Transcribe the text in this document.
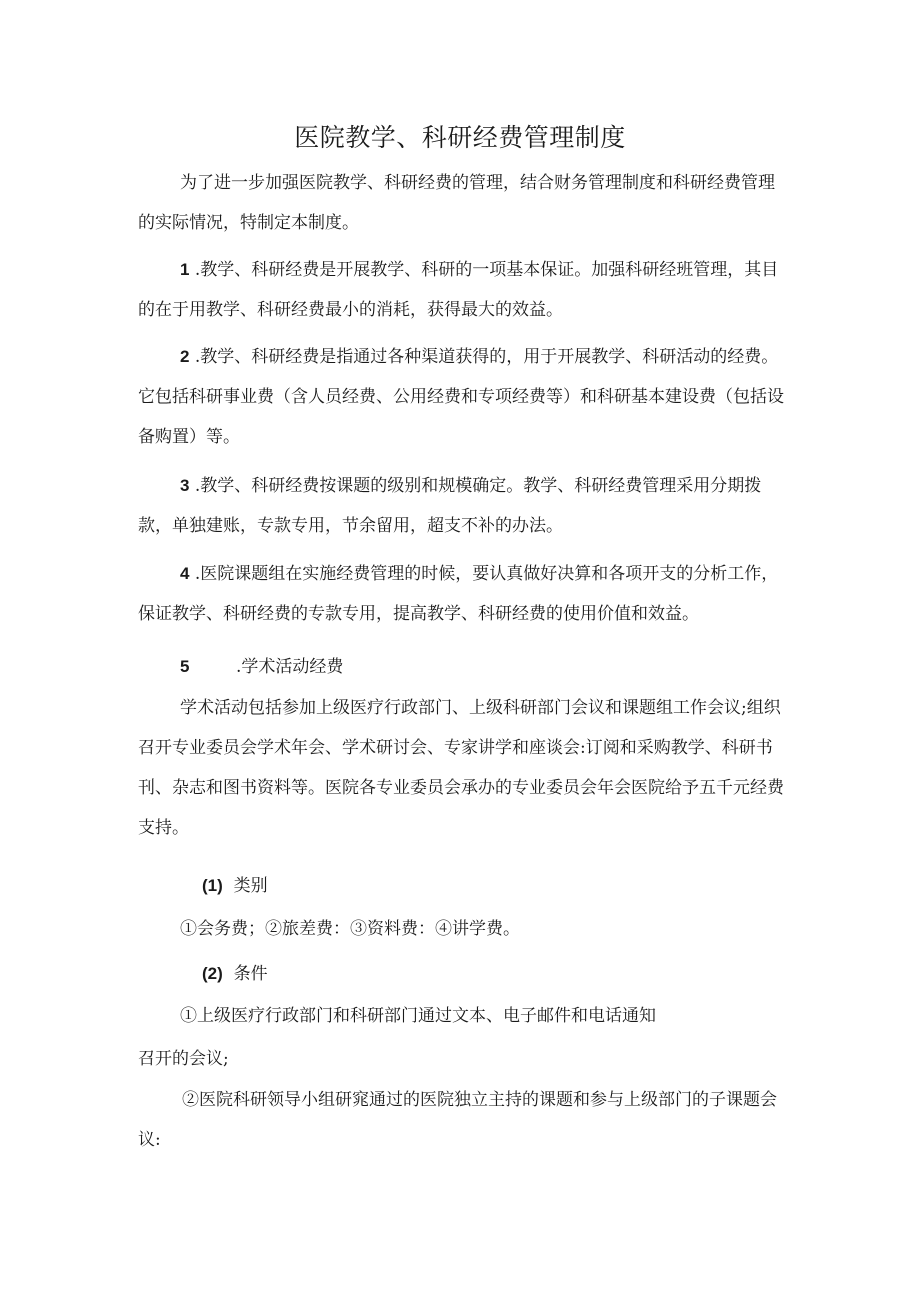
医院教学、科研经费管理制度
为了进一步加强医院教学、科研经费的管理，结合财务管理制度和科研经费管理的实际情况，特制定本制度。
1 .教学、科研经费是开展教学、科研的一项基本保证。加强科研经班管理，其目的在于用教学、科研经费最小的消耗，获得最大的效益。
2 .教学、科研经费是指通过各种渠道获得的，用于开展教学、科研活动的经费。它包括科研事业费（含人员经费、公用经费和专项经费等）和科研基本建设费（包括设备购置）等。
3 .教学、科研经费按课题的级别和规模确定。教学、科研经费管理采用分期拨款，单独建账，专款专用，节余留用，超支不补的办法。
4 .医院课题组在实施经费管理的时候，要认真做好决算和各项开支的分析工作，保证教学、科研经费的专款专用，提高教学、科研经费的使用价值和效益。
5	.学术活动经费
学术活动包括参加上级医疗行政部门、上级科研部门会议和课题组工作会议;组织召开专业委员会学术年会、学术研讨会、专家讲学和座谈会:订阅和采购教学、科研书刊、杂志和图书资料等。医院各专业委员会承办的专业委员会年会医院给予五千元经费支持。
(1) 类别
①会务费；②旅差费：③资料费：④讲学费。
(2) 条件
①上级医疗行政部门和科研部门通过文本、电子邮件和电话通知
召开的会议;
②医院科研领导小组研窕通过的医院独立主持的课题和参与上级部门的子课题会议:
